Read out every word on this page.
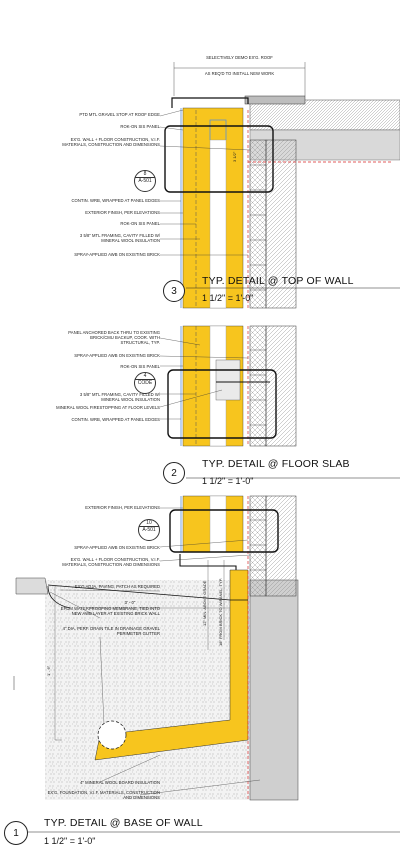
SELECTIVELY DEMO EX'G. ROOF
AS REQ'D TO INSTALL NEW WORK
PTD MTL GRAVEL STOP AT ROOF EDGE
ROK-ON SIS PANEL
EX'G. WALL + FLOOR CONSTRUCTION, V.I.F. MATERIALS, CONSTRUCTION AND DIMENSIONS
8
A-501
CONTIN. WRB, WRAPPED AT PANEL EDGES
EXTERIOR FINISH, PER ELEVATIONS
ROK-ON SIS PANEL
3 5/8" MTL FRAMING, CAVITY FILLED W/ MINERAL WOOL INSULATION
SPRAY-APPLIED AWB ON EXISTING BRICK
3 1/2"
3
TYP. DETAIL @ TOP OF WALL
1 1/2" = 1'-0"
PANEL ANCHORED BACK THRU TO EXISTING BRICK/CMU BACKUP, COOR. WITH STRUCTURAL, TYP.
SPRAY-APPLIED AWB ON EXISTING BRICK
ROK-ON SIS PANEL
4
CODE
3 5/8" MTL FRAMING, CAVITY FILLED W/ MINERAL WOOL INSULATION
MINERAL WOOL FIRESTOPPING AT FLOOR LEVELS
CONTIN. WRB, WRAPPED AT PANEL EDGES
2
TYP. DETAIL @ FLOOR SLAB
1 1/2" = 1'-0"
EXTERIOR FINISH, PER ELEVATIONS
10
A-501
SPRAY-APPLIED AWB ON EXISTING BRICK
EX'G. WALL + FLOOR CONSTRUCTION, V.I.F. MATERIALS, CONSTRUCTION AND DIMENSIONS
EX'G ADJA. PAVING, PATCH AS REQUIRED
EPDM WATERPROOFING MEMBRANE, TIED INTO NEW AWB LAYER AT EXISTING BRICK WALL
4" DIA. PERF. DRAIN TILE IN DRAINAGE GRAVEL PERIMETER GUTTER
3' - 0"
1' - 6"
12" MIN. ABOVE GRADE	18" FROM BRICK TO WIPANEL, TYP.
4" MINERAL WOOL BOARD INSULATION
EX'G. FOUNDATION, V.I.F. MATERIALS, CONSTRUCTION AND DIMENSIONS
1
TYP. DETAIL @ BASE OF WALL
1 1/2" = 1'-0"
